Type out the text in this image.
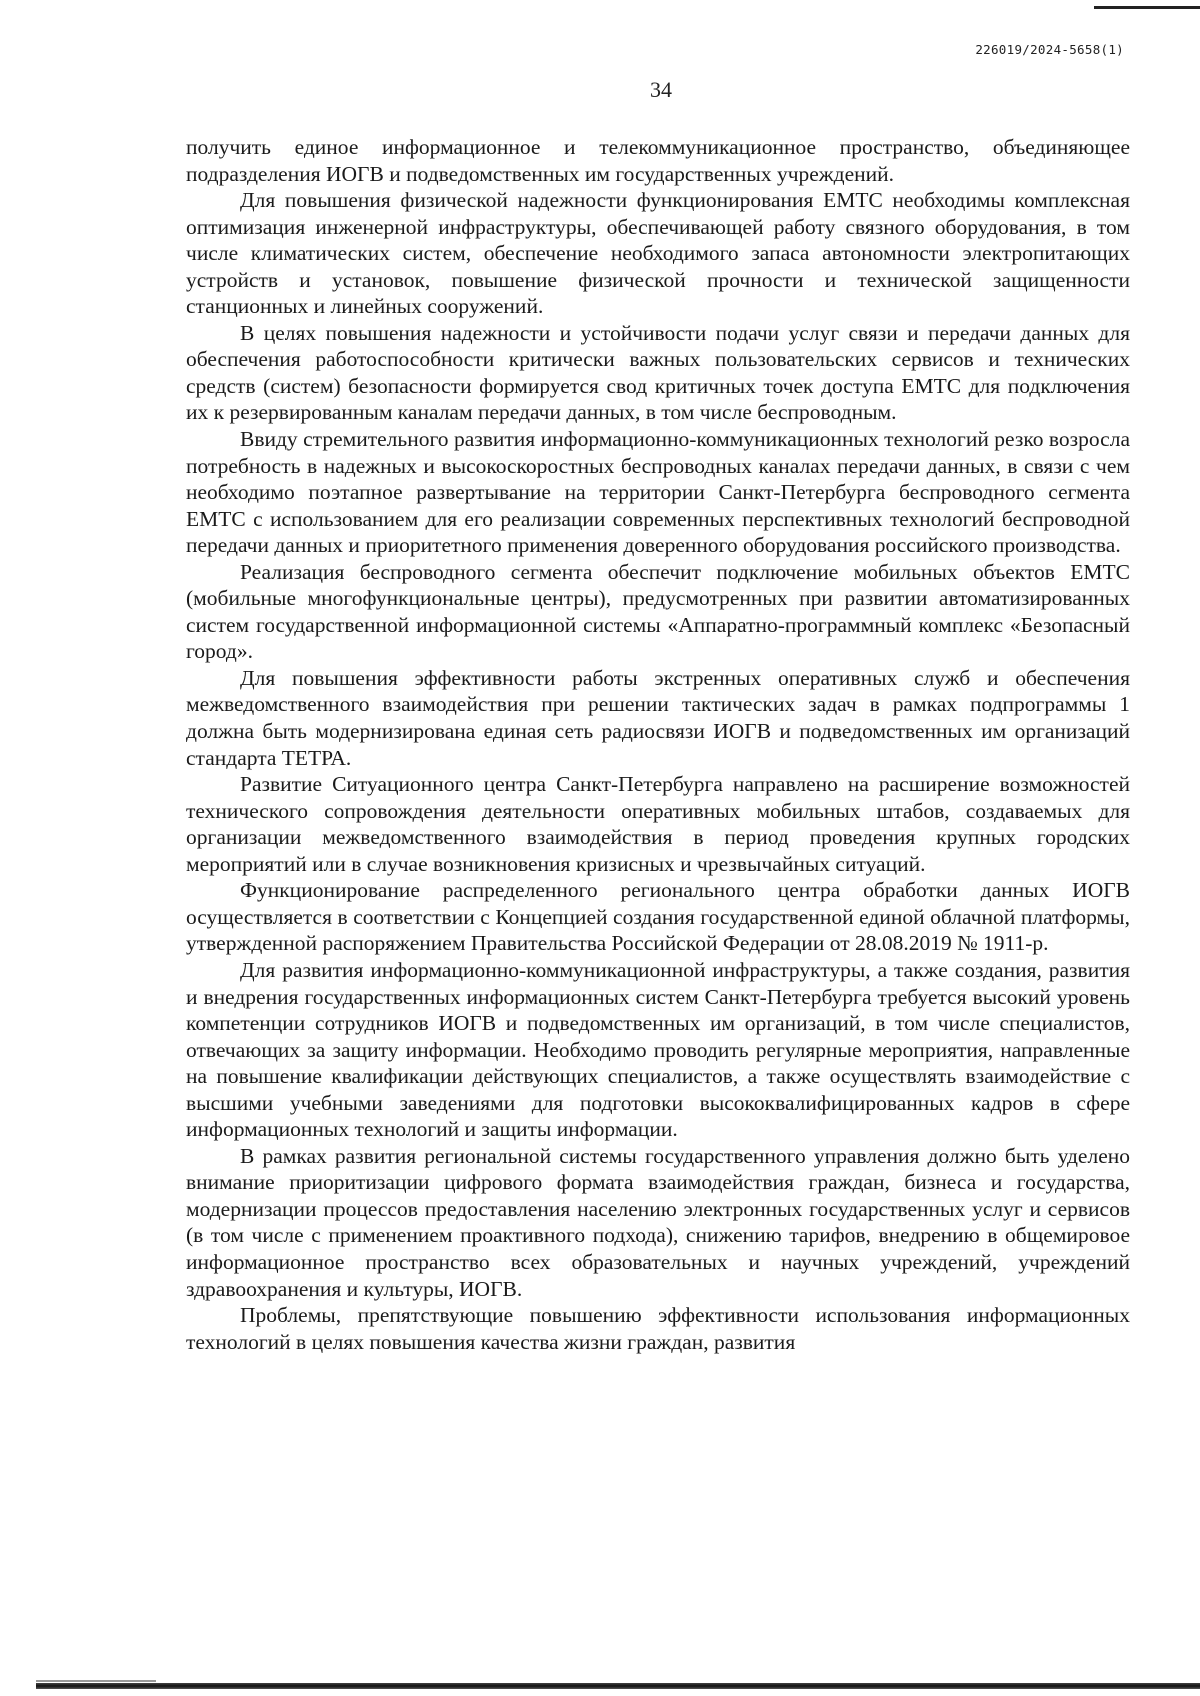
226019/2024-5658(1)
34

получить единое информационное и телекоммуникационное пространство, объединяющее подразделения ИОГВ и подведомственных им государственных учреждений.

Для повышения физической надежности функционирования ЕМТС необходимы комплексная оптимизация инженерной инфраструктуры, обеспечивающей работу связного оборудования, в том числе климатических систем, обеспечение необходимого запаса автономности электропитающих устройств и установок, повышение физической прочности и технической защищенности станционных и линейных сооружений.

В целях повышения надежности и устойчивости подачи услуг связи и передачи данных для обеспечения работоспособности критически важных пользовательских сервисов и технических средств (систем) безопасности формируется свод критичных точек доступа ЕМТС для подключения их к резервированным каналам передачи данных, в том числе беспроводным.

Ввиду стремительного развития информационно-коммуникационных технологий резко возросла потребность в надежных и высокоскоростных беспроводных каналах передачи данных, в связи с чем необходимо поэтапное развертывание на территории Санкт-Петербурга беспроводного сегмента ЕМТС с использованием для его реализации современных перспективных технологий беспроводной передачи данных и приоритетного применения доверенного оборудования российского производства.

Реализация беспроводного сегмента обеспечит подключение мобильных объектов ЕМТС (мобильные многофункциональные центры), предусмотренных при развитии автоматизированных систем государственной информационной системы «Аппаратно-программный комплекс «Безопасный город».

Для повышения эффективности работы экстренных оперативных служб и обеспечения межведомственного взаимодействия при решении тактических задач в рамках подпрограммы 1 должна быть модернизирована единая сеть радиосвязи ИОГВ и подведомственных им организаций стандарта ТЕТРА.

Развитие Ситуационного центра Санкт-Петербурга направлено на расширение возможностей технического сопровождения деятельности оперативных мобильных штабов, создаваемых для организации межведомственного взаимодействия в период проведения крупных городских мероприятий или в случае возникновения кризисных и чрезвычайных ситуаций.

Функционирование распределенного регионального центра обработки данных ИОГВ осуществляется в соответствии с Концепцией создания государственной единой облачной платформы, утвержденной распоряжением Правительства Российской Федерации от 28.08.2019 № 1911-р.

Для развития информационно-коммуникационной инфраструктуры, а также создания, развития и внедрения государственных информационных систем Санкт-Петербурга требуется высокий уровень компетенции сотрудников ИОГВ и подведомственных им организаций, в том числе специалистов, отвечающих за защиту информации. Необходимо проводить регулярные мероприятия, направленные на повышение квалификации действующих специалистов, а также осуществлять взаимодействие с высшими учебными заведениями для подготовки высококвалифицированных кадров в сфере информационных технологий и защиты информации.

В рамках развития региональной системы государственного управления должно быть уделено внимание приоритизации цифрового формата взаимодействия граждан, бизнеса и государства, модернизации процессов предоставления населению электронных государственных услуг и сервисов (в том числе с применением проактивного подхода), снижению тарифов, внедрению в общемировое информационное пространство всех образовательных и научных учреждений, учреждений здравоохранения и культуры, ИОГВ.

Проблемы, препятствующие повышению эффективности использования информационных технологий в целях повышения качества жизни граждан, развития
